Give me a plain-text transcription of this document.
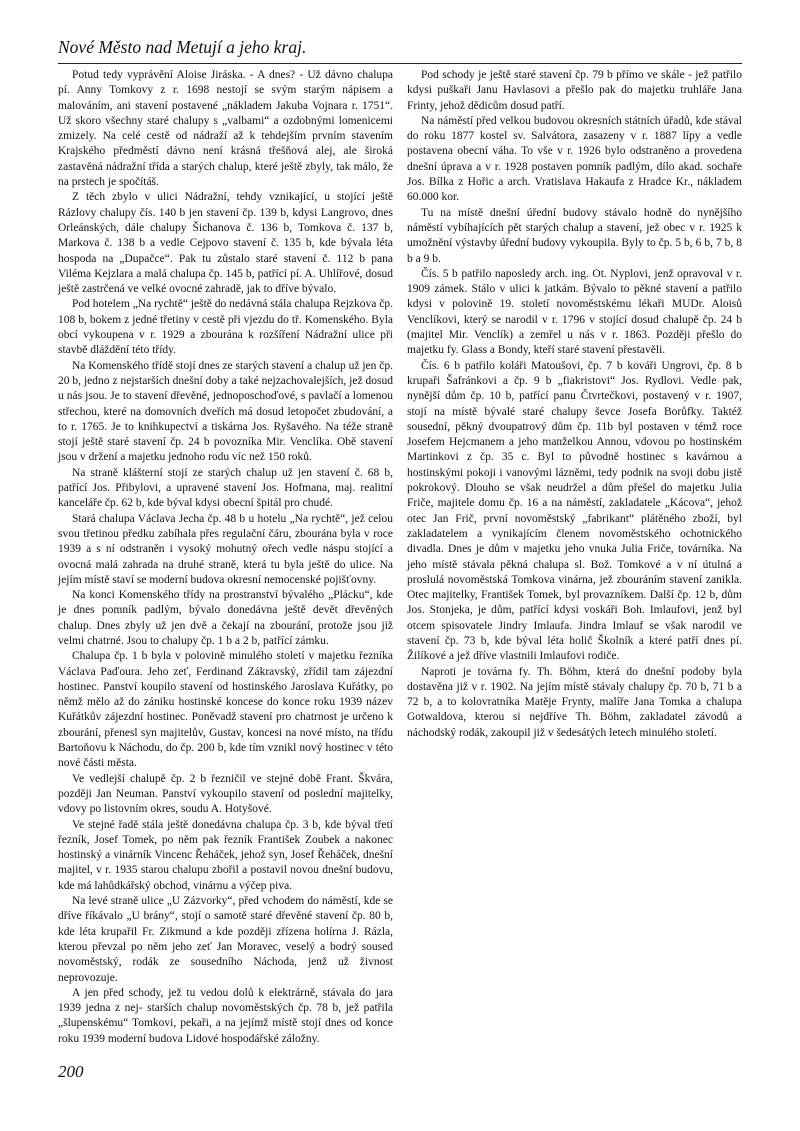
Nové Město nad Metují a jeho kraj.

Potud tedy vyprávění Aloise Jiráska. - A dnes? - Už dávno chalupa pí. Anny Tomkovy z r. 1698 nestojí se svým starým nápisem a malováním, ani stavení postavené „nákladem Jakuba Vojnara r. 1751“. Už skoro všechny staré chalupy s „valbami“ a ozdobnými lomenicemi zmizely. Na celé cestě od nádraží až k tehdejším prvním stavením Krajského předměstí dávno není krásná třešňová alej, ale široká zastavěná nádražní třída a starých chalup, které ještě zbyly, tak málo, že na prstech je spočítáš.

Z těch zbylo v ulici Nádražní, tehdy vznikající, u stojící ještě Rázlovy chalupy čís. 140 b jen stavení čp. 139 b, kdysi Langrovo, dnes Orleánských, dále chalupy Šichanova č. 136 b, Tomkova č. 137 b, Markova č. 138 b a vedle Cejpovo stavení č. 135 b, kde bývala léta hospoda na „Dupačce“. Pak tu zůstalo staré stavení č. 112 b pana Viléma Kejzlara a malá chalupa čp. 145 b, patřící pí. A. Uhlířové, dosud ještě zastrčená ve velké ovocné zahradě, jak to dříve bývalo.

Pod hotelem „Na rychtě“ ještě do nedávná stála chalupa Rejzkova čp. 108 b, bokem z jedné třetiny v cestě při vjezdu do tř. Komenského. Byla obcí vykoupena v r. 1929 a zbourána k rozšíření Nádražní ulice při stavbě dláždění této třídy.

Na Komenského třídě stojí dnes ze starých stavení a chalup už jen čp. 20 b, jedno z nejstarších dnešní doby a také nejzachovalejších, jež dosud u nás jsou. Je to stavení dřevěné, jednoposchoďové, s pavlačí a lomenou střechou, které na domovních dveřích má dosud letopočet zbudování, a to r. 1765. Je to knihkupectví a tiskárna Jos. Ryšavého. Na téže straně stojí ještě staré stavení čp. 24 b povozníka Mir. Venclíka. Obě stavení jsou v držení a majetku jednoho rodu víc než 150 roků.

Na straně klášterní stojí ze starých chalup už jen stavení č. 68 b, patřící Jos. Přibylovi, a upravené stavení Jos. Hofmana, maj. realitní kanceláře čp. 62 b, kde býval kdysi obecní špitál pro chudé.

Stará chalupa Václava Jecha čp. 48 b u hotelu „Na rychtě“, jež celou svou třetinou předku zabíhala přes regulační čáru, zbourána byla v roce 1939 a s ní odstraněn i vysoký mohutný ořech vedle náspu stojící a ovocná malá zahrada na druhé straně, která tu byla ještě do ulice. Na jejím místě staví se moderní budova okresní nemocenské pojišťovny.

Na konci Komenského třídy na prostranství bývalého „Plácku“, kde je dnes pomník padlým, bývalo donedávna ještě devět dřevěných chalup. Dnes zbyly už jen dvě a čekají na zbourání, protože jsou již velmi chatrné. Jsou to chalupy čp. 1 b a 2 b, patřící zámku.

Chalupa čp. 1 b byla v polovině minulého století v majetku řezníka Václava Paďoura. Jeho zeť, Ferdinand Zákravský, zřídil tam zájezdní hostinec. Panství koupilo stavení od hostinského Jaroslava Kuřátky, po němž mělo až do zániku hostinské koncese do konce roku 1939 název Kuřátkův zájezdní hostinec. Poněvadž stavení pro chatrnost je určeno k zbourání, přenesl syn majitelův, Gustav, koncesi na nové místo, na třídu Bartoňovu k Náchodu, do čp. 200 b, kde tím vznikl nový hostinec v této nové části města.

Ve vedlejší chalupě čp. 2 b řezničil ve stejné době Frant. Škvára, později Jan Neuman. Panství vykoupilo stavení od poslední majitelky, vdovy po listovním okres, soudu A. Hotyšové.

Ve stejné řadě stála ještě donedávna chalupa čp. 3 b, kde býval třetí řezník, Josef Tomek, po něm pak řezník František Zoubek a nakonec hostinský a vinárník Vincenc Řeháček, jehož syn, Josef Řeháček, dnešní majitel, v r. 1935 starou chalupu zbořil a postavil novou dnešní budovu, kde má lahůdkářský obchod, vinárnu a výčep piva.

Na levé straně ulice „U Zázvorky“, před vchodem do náměstí, kde se dříve říkávalo „U brány“, stojí o samotě staré dřevěné stavení čp. 80 b, kde léta krupařil Fr. Zikmund a kde později zřízena holírna J. Rázla, kterou převzal po něm jeho zeť Jan Moravec, veselý a bodrý soused novoměstský, rodák ze sousedního Náchoda, jenž už živnost neprovozuje.

A jen před schody, jež tu vedou dolů k elektrárně, stávala do jara 1939 jedna z nej- starších chalup novoměstských čp. 78 b, jež patřila „šlupenskému“ Tomkovi, pekaři, a na jejímž místě stojí dnes od konce roku 1939 moderní budova Lidové hospodářské záložny.

Pod schody je ještě staré stavení čp. 79 b přímo ve skále - jež patřilo kdysi puškaři Janu Havlasovi a přešlo pak do majetku truhláře Jana Frinty, jehož dědicům dosud patří.

Na náměstí před velkou budovou okresních státních úřadů, kde stával do roku 1877 kostel sv. Salvátora, zasazeny v r. 1887 lípy a vedle postavena obecní váha. To vše v r. 1926 bylo odstraněno a provedena dnešní úprava a v r. 1928 postaven pomník padlým, dílo akad. sochaře Jos. Bílka z Hořic a arch. Vratislava Hakaufa z Hradce Kr., nákladem 60.000 kor.

Tu na místě dnešní úřední budovy stávalo hodně do nynějšího náměstí vybíhajících pět starých chalup a stavení, jež obec v r. 1925 k umožnění výstavby úřední budovy vykoupila. Byly to čp. 5 b, 6 b, 7 b, 8 b a 9 b.

Čís. 5 b patřilo naposledy arch. ing. Ot. Nyplovi, jenž opravoval v r. 1909 zámek. Stálo v ulici k jatkám. Bývalo to pěkné stavení a patřilo kdysi v polovině 19. století novoměstskému lékaři MUDr. Aloisů Venclíkovi, který se narodil v r. 1796 v stojící dosud chalupě čp. 24 b (majitel Mir. Venclík) a zemřel u nás v r. 1863. Později přešlo do majetku fy. Glass a Bondy, kteří staré stavení přestavěli.

Čís. 6 b patřilo koláři Matoušovi, čp. 7 b kováři Ungrovi, čp. 8 b krupaři Šafránkovi a čp. 9 b „fiakristovi“ Jos. Rydlovi. Vedle pak, nynější dům čp. 10 b, patřící panu Čtvrtečkovi, postavený v r. 1907, stojí na místě bývalé staré chalupy ševce Josefa Borůfky. Taktéž sousední, pěkný dvoupatrový dům čp. 11b byl postaven v témž roce Josefem Hejcmanem a jeho manželkou Annou, vdovou po hostinském Martinkovi z čp. 35 c. Byl to původně hostinec s kavárnou a hostinskými pokoji i vanovými lázněmi, tedy podnik na svoji dobu jistě pokrokový. Dlouho se však neudržel a dům přešel do majetku Julia Friče, majitele domu čp. 16 a na náměstí, zakladatele „Kácova“, jehož otec Jan Frič, první novoměstský „fabrikant“ plátěného zboží, byl zakladatelem a vynikajícím členem novoměstského ochotnického divadla. Dnes je dům v majetku jeho vnuka Julia Friče, továrníka. Na jeho místě stávala pěkná chalupa sl. Bož. Tomkové a v ní útulná a proslulá novoměstská Tomkova vinárna, jež zbouráním stavení zanikla. Otec majitelky, František Tomek, byl provazníkem. Další čp. 12 b, dům Jos. Stonjeka, je dům, patřící kdysi voskáři Boh. Imlaufovi, jenž byl otcem spisovatele Jindry Imlaufa. Jindra Imlauf se však narodil ve stavení čp. 73 b, kde býval léta holič Školník a které patří dnes pí. Žilíkové a jež dříve vlastnili Imlaufovi rodiče.

Naproti je továrna fy. Th. Böhm, která do dnešní podoby byla dostavěna již v r. 1902. Na jejím místě stávaly chalupy čp. 70 b, 71 b a 72 b, a to kolovratníka Matěje Frynty, malíře Jana Tomka a chalupa Gotwaldova, kterou si nejdříve Th. Böhm, zakladatel závodů a náchodský rodák, zakoupil již v šedesátých letech minulého století.

200
